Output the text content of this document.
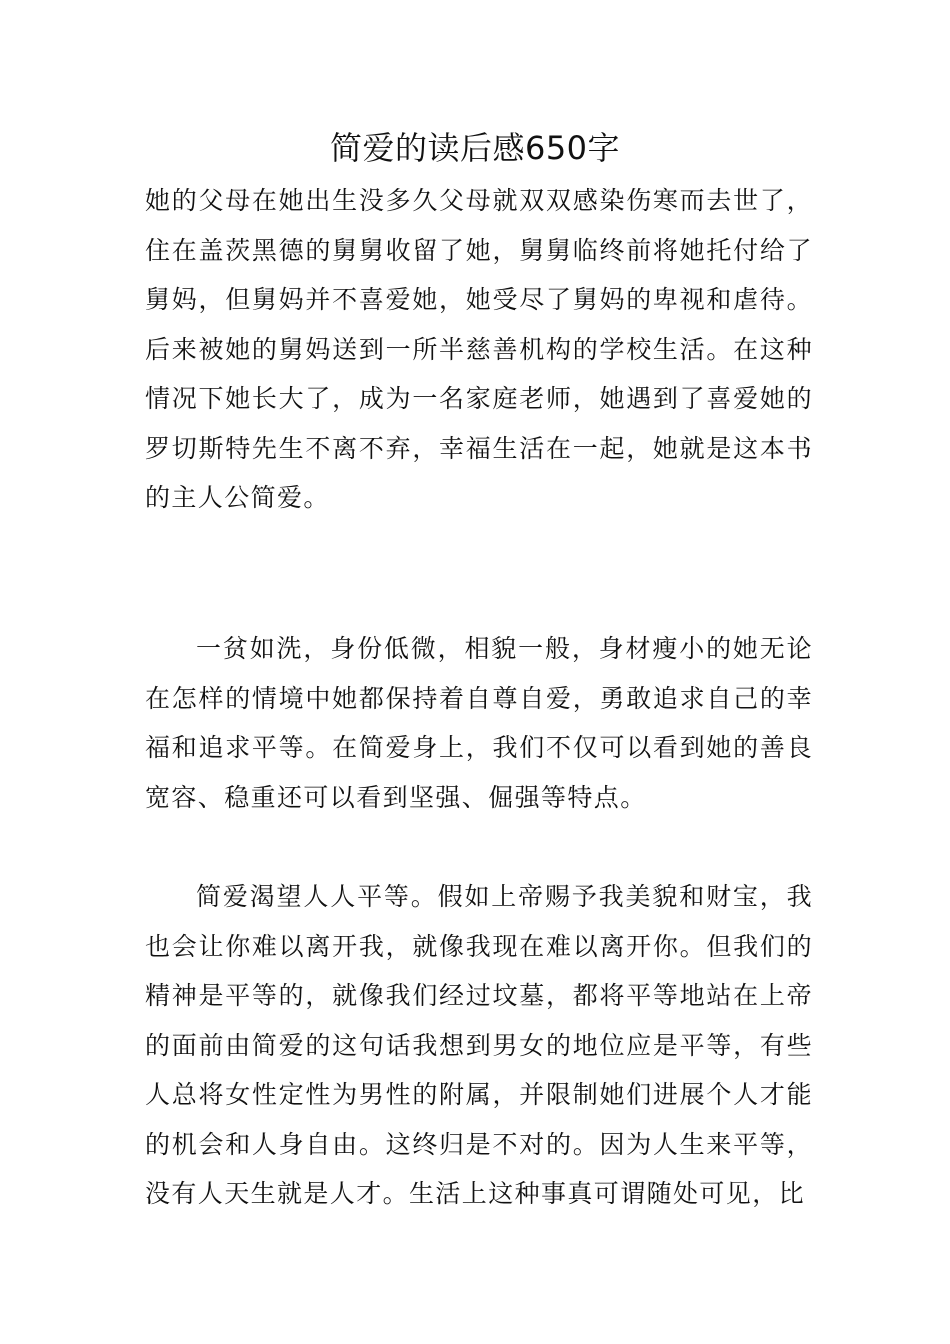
简爱的读后感650字

她的父母在她出生没多久父母就双双感染伤寒而去世了，住在盖茨黑德的舅舅收留了她，舅舅临终前将她托付给了舅妈，但舅妈并不喜爱她，她受尽了舅妈的卑视和虐待。后来被她的舅妈送到一所半慈善机构的学校生活。在这种情况下她长大了，成为一名家庭老师，她遇到了喜爱她的罗切斯特先生不离不弃，幸福生活在一起，她就是这本书的主人公简爱。

一贫如洗，身份低微，相貌一般，身材瘦小的她无论在怎样的情境中她都保持着自尊自爱，勇敢追求自己的幸福和追求平等。在简爱身上，我们不仅可以看到她的善良宽容、稳重还可以看到坚强、倔强等特点。

简爱渴望人人平等。假如上帝赐予我美貌和财宝，我也会让你难以离开我，就像我现在难以离开你。但我们的精神是平等的，就像我们经过坟墓，都将平等地站在上帝的面前由简爱的这句话我想到男女的地位应是平等，有些人总将女性定性为男性的附属，并限制她们进展个人才能的机会和人身自由。这终归是不对的。因为人生来平等，没有人天生就是人才。生活上这种事真可谓随处可见，比
